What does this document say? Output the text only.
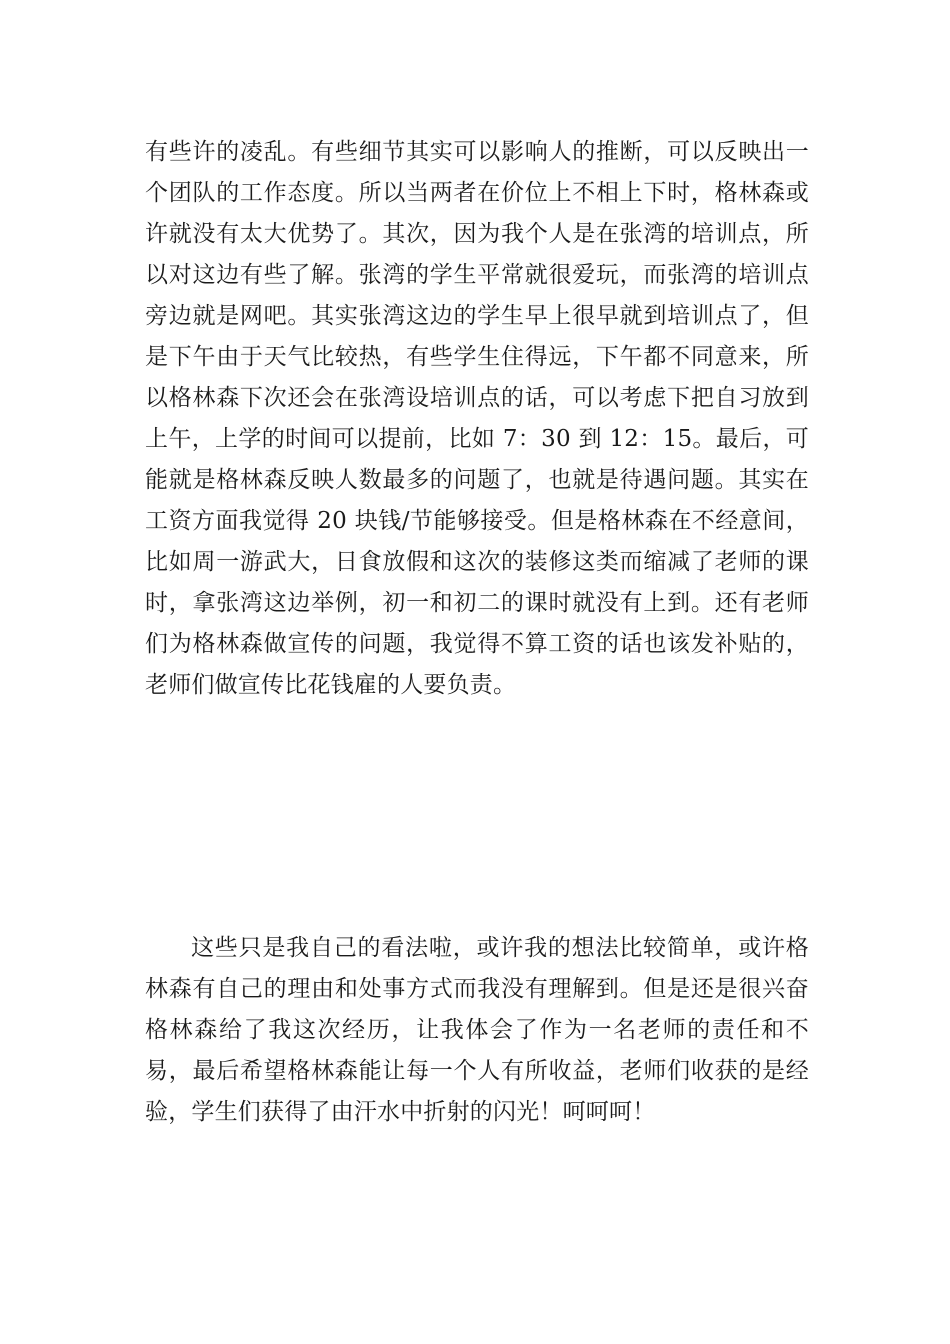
有些许的凌乱。有些细节其实可以影响人的推断，可以反映出一个团队的工作态度。所以当两者在价位上不相上下时，格林森或许就没有太大优势了。其次，因为我个人是在张湾的培训点，所以对这边有些了解。张湾的学生平常就很爱玩，而张湾的培训点旁边就是网吧。其实张湾这边的学生早上很早就到培训点了，但是下午由于天气比较热，有些学生住得远，下午都不同意来，所以格林森下次还会在张湾设培训点的话，可以考虑下把自习放到上午，上学的时间可以提前，比如 7：30 到 12：15。最后，可能就是格林森反映人数最多的问题了，也就是待遇问题。其实在工资方面我觉得 20 块钱/节能够接受。但是格林森在不经意间，比如周一游武大，日食放假和这次的装修这类而缩减了老师的课时，拿张湾这边举例，初一和初二的课时就没有上到。还有老师们为格林森做宣传的问题，我觉得不算工资的话也该发补贴的，老师们做宣传比花钱雇的人要负责。

这些只是我自己的看法啦，或许我的想法比较简单，或许格林森有自己的理由和处事方式而我没有理解到。但是还是很兴奋格林森给了我这次经历，让我体会了作为一名老师的责任和不易，最后希望格林森能让每一个人有所收益，老师们收获的是经验，学生们获得了由汗水中折射的闪光！呵呵呵！
